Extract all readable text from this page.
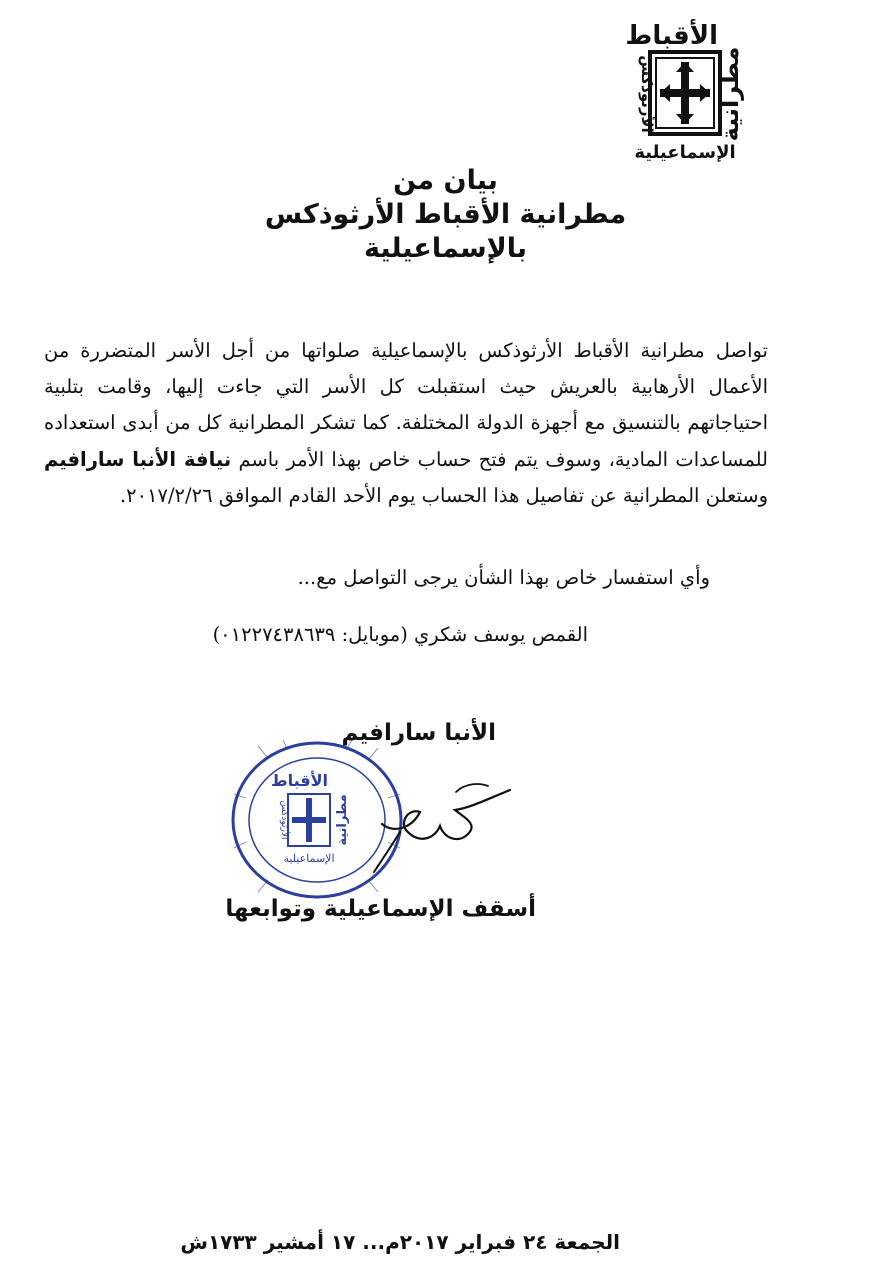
الأقباط
الأرثوذكس	مطرانية
الإسماعيلية
بيان من
مطرانية الأقباط الأرثوذكس
بالإسماعيلية

تواصل مطرانية الأقباط الأرثوذكس بالإسماعيلية صلواتها من أجل الأسر المتضررة من الأعمال الأرهابية بالعريش حيث استقبلت كل الأسر التي جاءت إليها، وقامت بتلبية احتياجاتهم بالتنسيق مع أجهزة الدولة المختلفة. كما تشكر المطرانية كل من أبدى استعداده للمساعدات المادية، وسوف يتم فتح حساب خاص بهذا الأمر باسم نيافة الأنبا سارافيم وستعلن المطرانية عن تفاصيل هذا الحساب يوم الأحد القادم الموافق ٢٠١٧/٢/٢٦.

وأي استفسار خاص بهذا الشأن يرجى التواصل مع...
القمص يوسف شكري (موبايل: ٠١٢٢٧٤٣٨٦٣٩)
الأنبا سارافيم
الأقباط
الأرثوذكس	مطرانية
الإسماعيلية
أسقف الإسماعيلية وتوابعها
الجمعة ٢٤ فبراير ٢٠١٧م... ١٧ أمشير ١٧٣٣ش
